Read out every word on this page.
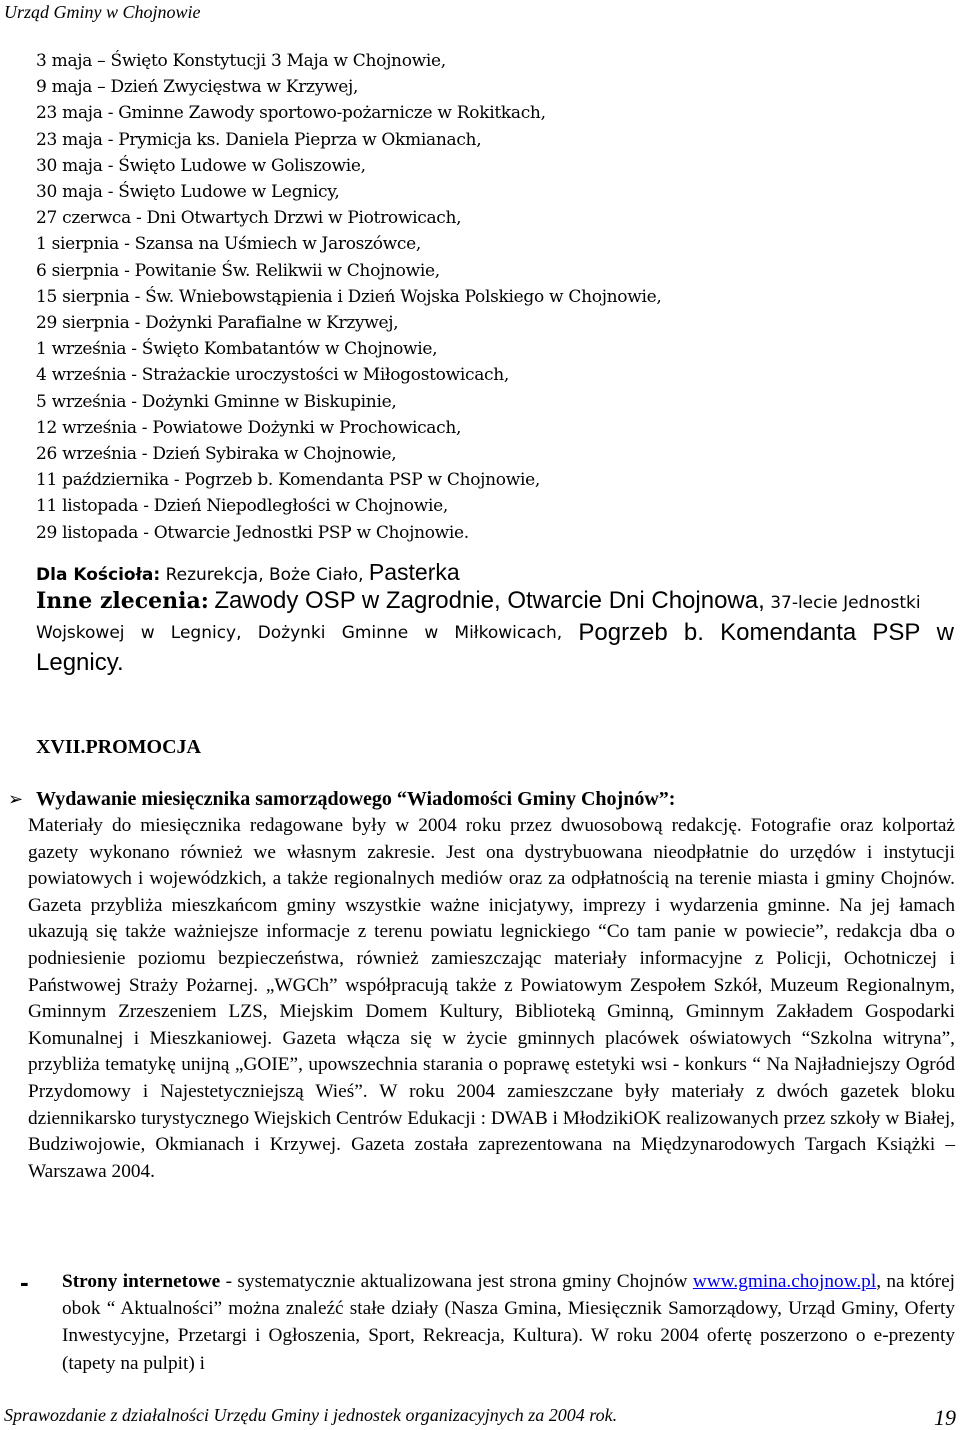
Urząd Gminy w Chojnowie
3 maja – Święto Konstytucji 3 Maja w Chojnowie,
9 maja – Dzień Zwycięstwa w Krzywej,
23 maja - Gminne Zawody sportowo-pożarnicze w Rokitkach,
23 maja - Prymicja ks. Daniela Pieprza w Okmianach,
30 maja - Święto Ludowe w Goliszowie,
30 maja - Święto Ludowe w Legnicy,
27 czerwca - Dni Otwartych Drzwi w Piotrowicach,
1 sierpnia - Szansa na Uśmiech w Jaroszówce,
6 sierpnia - Powitanie Św. Relikwii w Chojnowie,
15 sierpnia - Św. Wniebowstąpienia i Dzień Wojska Polskiego w Chojnowie,
29 sierpnia - Dożynki Parafialne w Krzywej,
1 września - Święto Kombatantów w Chojnowie,
4 września - Strażackie uroczystości w Miłogostowicach,
5 września - Dożynki Gminne w Biskupinie,
12 września - Powiatowe Dożynki w Prochowicach,
26 września - Dzień Sybiraka w Chojnowie,
11 października - Pogrzeb b. Komendanta PSP w Chojnowie,
11 listopada - Dzień Niepodległości w Chojnowie,
29 listopada - Otwarcie Jednostki PSP w Chojnowie.
Dla Kościoła: Rezurekcja, Boże Ciało, Pasterka
Inne zlecenia: Zawody OSP w Zagrodnie, Otwarcie Dni Chojnowa, 37-lecie Jednostki
Wojskowej w Legnicy, Dożynki Gminne w Miłkowicach, Pogrzeb b. Komendanta PSP w
Legnicy.
XVII.PROMOCJA
➢ Wydawanie miesięcznika samorządowego “Wiadomości Gminy Chojnów”:
Materiały do miesięcznika redagowane były w 2004 roku przez dwuosobową redakcję. Fotografie oraz kolportaż gazety wykonano również we własnym zakresie. Jest ona dystrybuowana nieodpłatnie do urzędów i instytucji powiatowych i wojewódzkich, a także regionalnych mediów oraz za odpłatnością na terenie miasta i gminy Chojnów. Gazeta przybliża mieszkańcom gminy wszystkie ważne inicjatywy, imprezy i wydarzenia gminne. Na jej łamach ukazują się także ważniejsze informacje z terenu powiatu legnickiego “Co tam panie w powiecie”, redakcja dba o podniesienie poziomu bezpieczeństwa, również zamieszczając materiały informacyjne z Policji, Ochotniczej i Państwowej Straży Pożarnej. „WGCh” współpracują także z Powiatowym Zespołem Szkół, Muzeum Regionalnym, Gminnym Zrzeszeniem LZS, Miejskim Domem Kultury, Biblioteką Gminną, Gminnym Zakładem Gospodarki Komunalnej i Mieszkaniowej. Gazeta włącza się w życie gminnych placówek oświatowych “Szkolna witryna”, przybliża tematykę unijną „GOIE”, upowszechnia starania o poprawę estetyki wsi - konkurs “ Na Najładniejszy Ogród Przydomowy i Najestetyczniejszą Wieś”. W roku 2004 zamieszczane były materiały z dwóch gazetek bloku dziennikarsko turystycznego Wiejskich Centrów Edukacji : DWAB i MłodzikiOK realizowanych przez szkoły w Białej, Budziwojowie, Okmianach i Krzywej. Gazeta została zaprezentowana na Międzynarodowych Targach Książki – Warszawa 2004.
- Strony internetowe - systematycznie aktualizowana jest strona gminy Chojnów www.gmina.chojnow.pl, na której obok “ Aktualności” można znaleźć stałe działy (Nasza Gmina, Miesięcznik Samorządowy, Urząd Gminy, Oferty Inwestycyjne, Przetargi i Ogłoszenia, Sport, Rekreacja, Kultura). W roku 2004 ofertę poszerzono o e-prezenty (tapety na pulpit) i
Sprawozdanie z działalności Urzędu Gminy i jednostek organizacyjnych za 2004 rok.	19
